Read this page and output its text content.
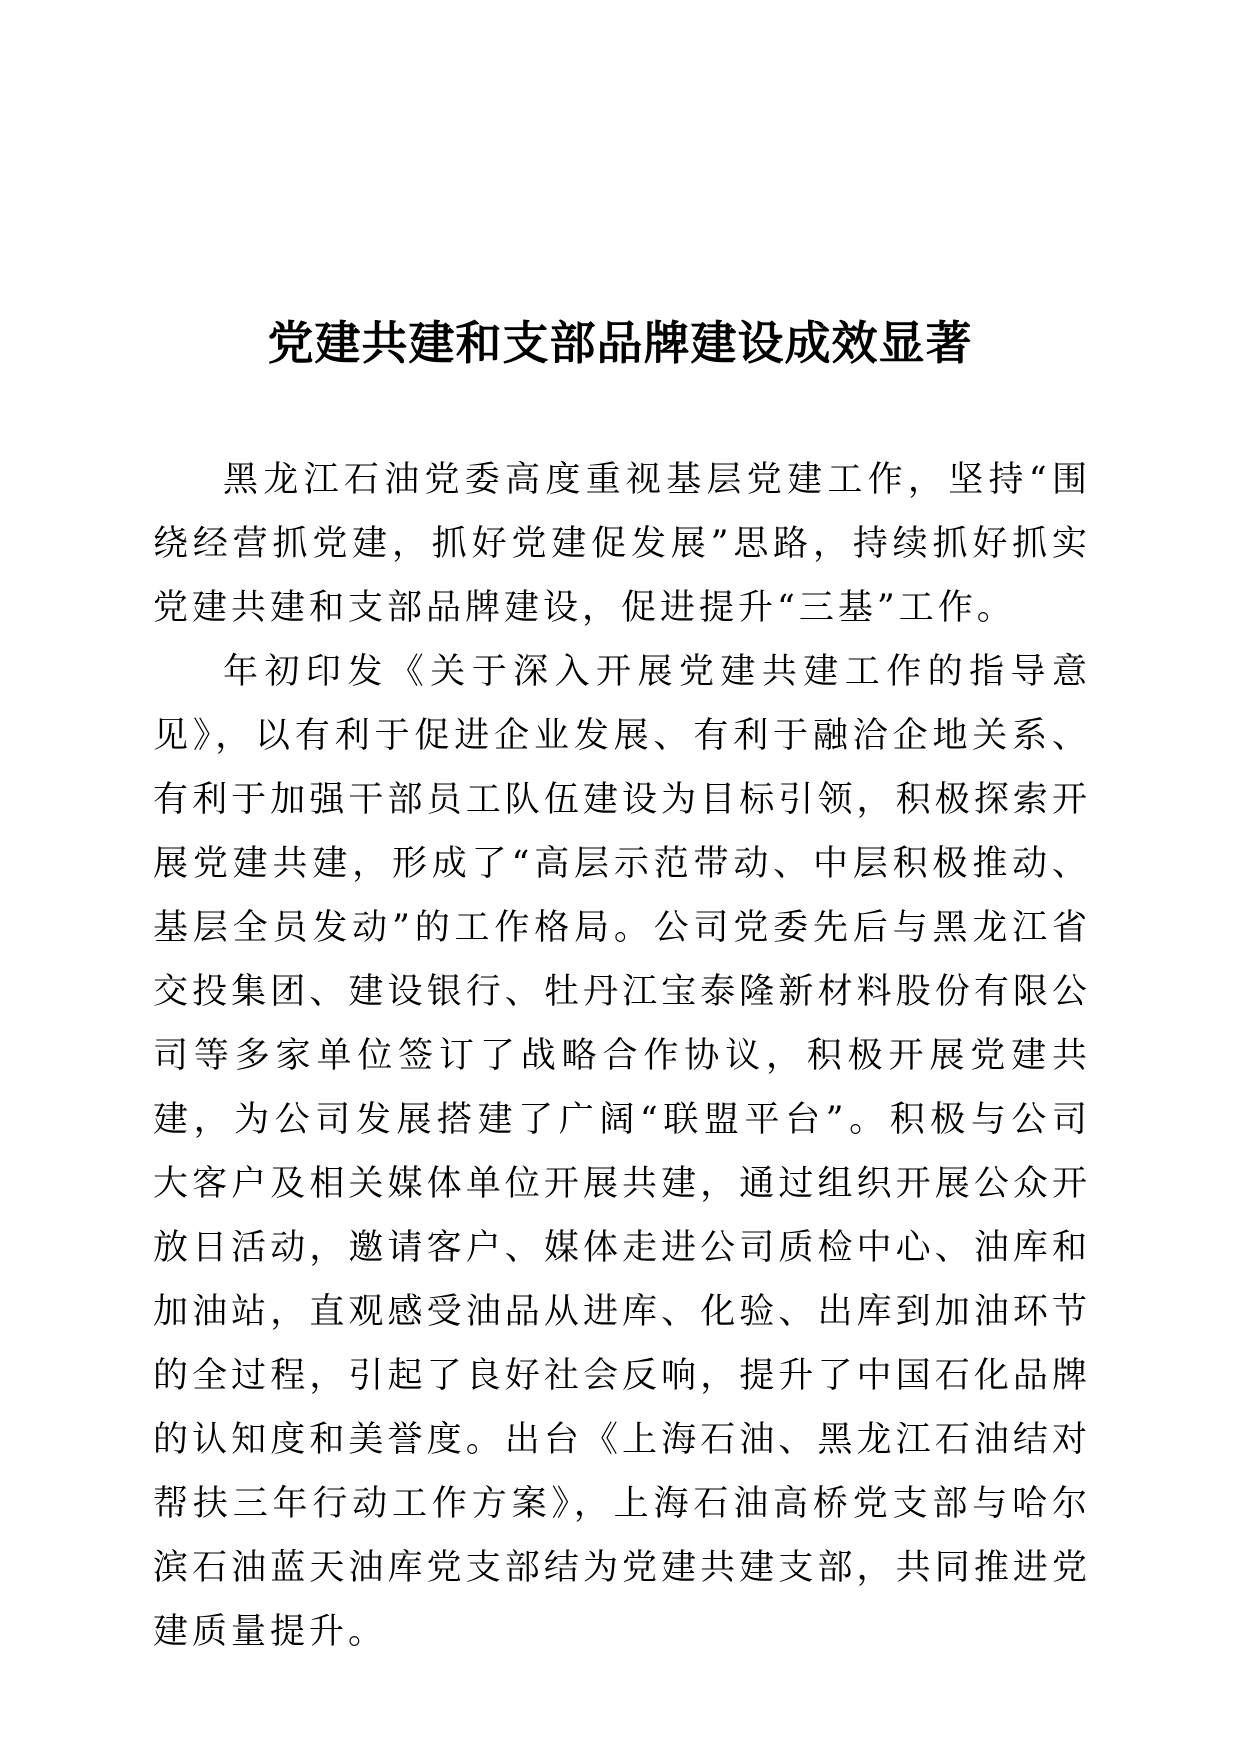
党建共建和支部品牌建设成效显著

黑龙江石油党委高度重视基层党建工作，坚持“围绕经营抓党建，抓好党建促发展”思路，持续抓好抓实党建共建和支部品牌建设，促进提升“三基”工作。

年初印发《关于深入开展党建共建工作的指导意见》，以有利于促进企业发展、有利于融洽企地关系、有利于加强干部员工队伍建设为目标引领，积极探索开展党建共建，形成了“高层示范带动、中层积极推动、基层全员发动”的工作格局。公司党委先后与黑龙江省交投集团、建设银行、牡丹江宝泰隆新材料股份有限公司等多家单位签订了战略合作协议，积极开展党建共建，为公司发展搭建了广阔“联盟平台”。积极与公司大客户及相关媒体单位开展共建，通过组织开展公众开放日活动，邀请客户、媒体走进公司质检中心、油库和加油站，直观感受油品从进库、化验、出库到加油环节的全过程，引起了良好社会反响，提升了中国石化品牌的认知度和美誉度。出台《上海石油、黑龙江石油结对帮扶三年行动工作方案》，上海石油高桥党支部与哈尔滨石油蓝天油库党支部结为党建共建支部，共同推进党建质量提升。
